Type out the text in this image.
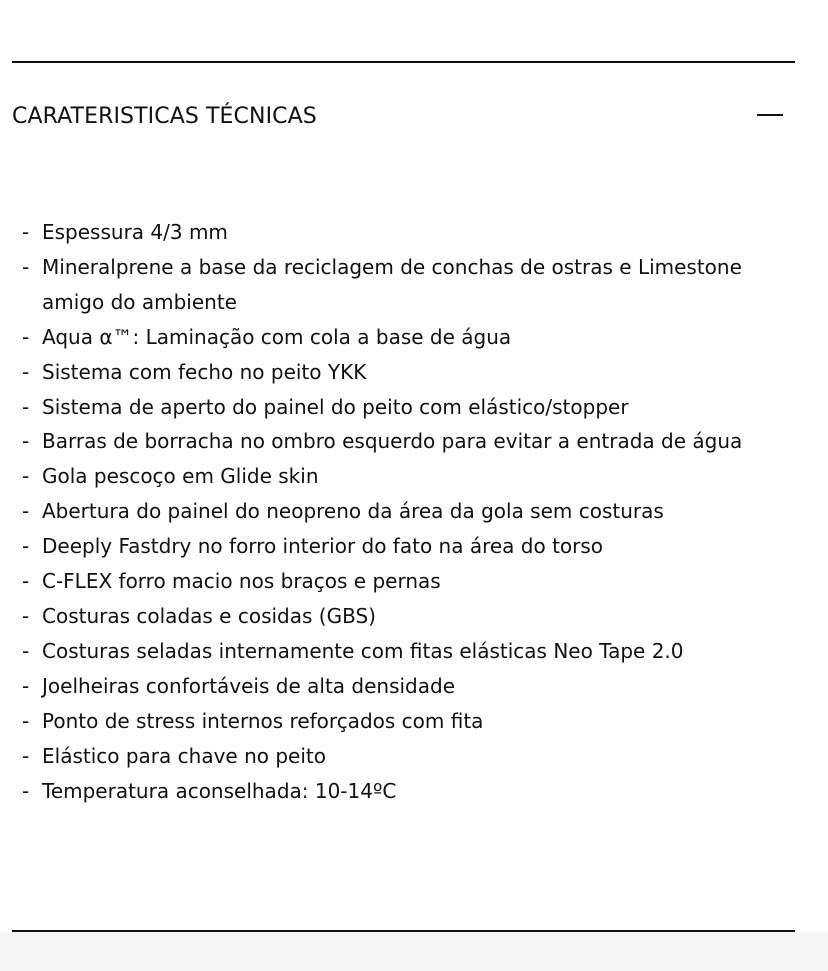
CARATERISTICAS TÉCNICAS
- Espessura 4/3 mm
- Mineralprene a base da reciclagem de conchas de ostras e Limestone amigo do ambiente
- Aqua α™: Laminação com cola a base de água
- Sistema com fecho no peito YKK
- Sistema de aperto do painel do peito com elástico/stopper
- Barras de borracha no ombro esquerdo para evitar a entrada de água
- Gola pescoço em Glide skin
- Abertura do painel do neopreno da área da gola sem costuras
- Deeply Fastdry no forro interior do fato na área do torso
- C-FLEX forro macio nos braços e pernas
- Costuras coladas e cosidas (GBS)
- Costuras seladas internamente com fitas elásticas Neo Tape 2.0
- Joelheiras confortáveis de alta densidade
- Ponto de stress internos reforçados com fita
- Elástico para chave no peito
- Temperatura aconselhada: 10-14ºC
